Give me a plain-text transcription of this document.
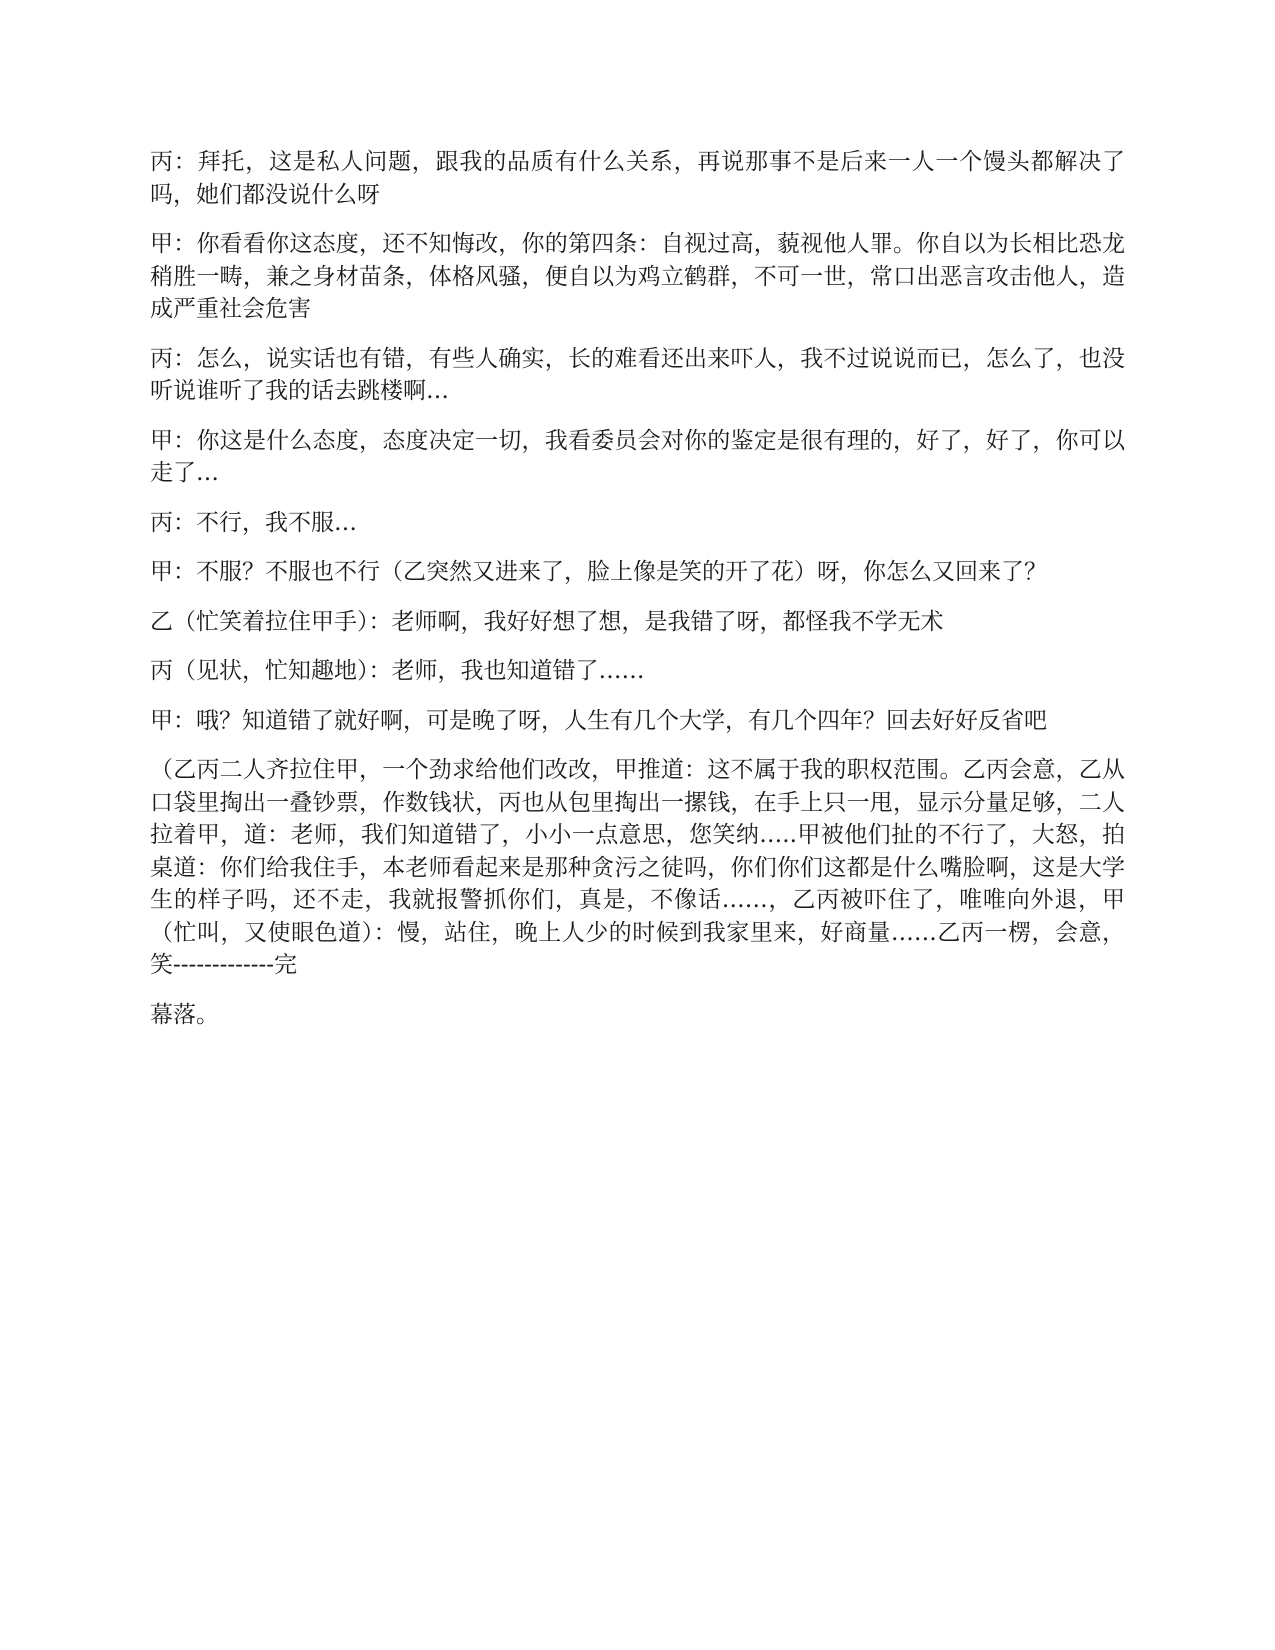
丙：拜托，这是私人问题，跟我的品质有什么关系，再说那事不是后来一人一个馒头都解决了吗，她们都没说什么呀

甲：你看看你这态度，还不知悔改，你的第四条：自视过高，藐视他人罪。你自以为长相比恐龙稍胜一畴，兼之身材苗条，体格风骚，便自以为鸡立鹤群，不可一世，常口出恶言攻击他人，造成严重社会危害

丙：怎么，说实话也有错，有些人确实，长的难看还出来吓人，我不过说说而已，怎么了，也没听说谁听了我的话去跳楼啊…

甲：你这是什么态度，态度决定一切，我看委员会对你的鉴定是很有理的，好了，好了，你可以走了…

丙：不行，我不服…

甲：不服？不服也不行（乙突然又进来了，脸上像是笑的开了花）呀，你怎么又回来了？

乙（忙笑着拉住甲手）：老师啊，我好好想了想，是我错了呀，都怪我不学无术

丙（见状，忙知趣地）：老师，我也知道错了……

甲：哦？知道错了就好啊，可是晚了呀，人生有几个大学，有几个四年？回去好好反省吧

（乙丙二人齐拉住甲，一个劲求给他们改改，甲推道：这不属于我的职权范围。乙丙会意，乙从口袋里掏出一叠钞票，作数钱状，丙也从包里掏出一摞钱，在手上只一甩，显示分量足够，二人拉着甲，道：老师，我们知道错了，小小一点意思，您笑纳…..甲被他们扯的不行了，大怒，拍桌道：你们给我住手，本老师看起来是那种贪污之徒吗，你们你们这都是什么嘴脸啊，这是大学生的样子吗，还不走，我就报警抓你们，真是，不像话……，乙丙被吓住了，唯唯向外退，甲（忙叫，又使眼色道）：慢，站住，晚上人少的时候到我家里来，好商量……乙丙一楞，会意，笑-------------完

幕落。
